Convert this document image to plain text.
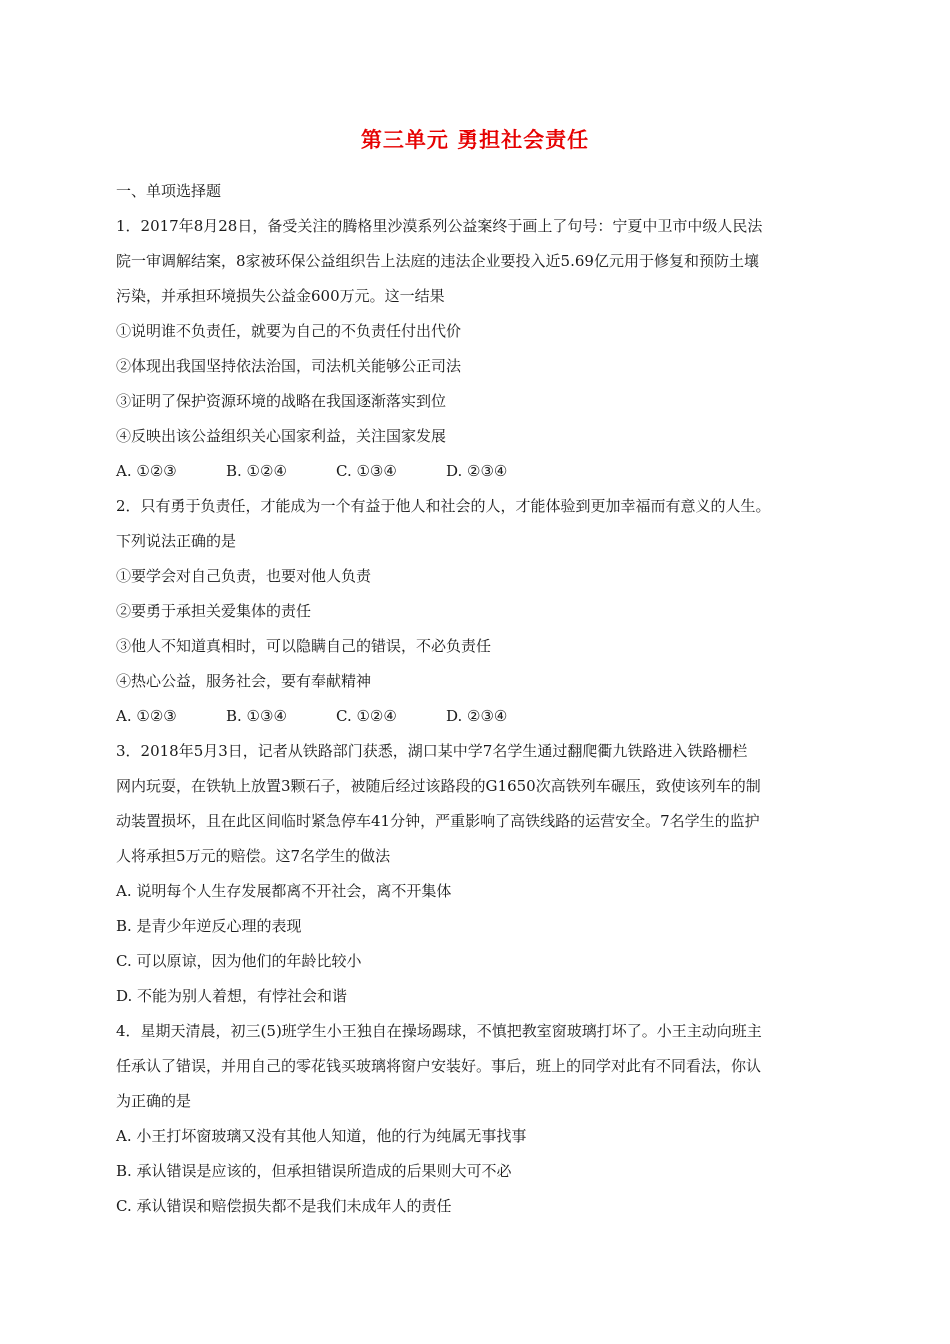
第三单元 勇担社会责任
一、单项选择题
1．2017年8月28日，备受关注的腾格里沙漠系列公益案终于画上了句号：宁夏中卫市中级人民法
院一审调解结案，8家被环保公益组织告上法庭的违法企业要投入近5.69亿元用于修复和预防土壤
污染，并承担环境损失公益金600万元。这一结果
①说明谁不负责任，就要为自己的不负责任付出代价
②体现出我国坚持依法治国，司法机关能够公正司法
③证明了保护资源环境的战略在我国逐渐落实到位
④反映出该公益组织关心国家利益，关注国家发展
A. ①②③	B. ①②④	C. ①③④	D. ②③④
2．只有勇于负责任，才能成为一个有益于他人和社会的人，才能体验到更加幸福而有意义的人生。
下列说法正确的是
①要学会对自己负责，也要对他人负责
②要勇于承担关爱集体的责任
③他人不知道真相时，可以隐瞒自己的错误，不必负责任
④热心公益，服务社会，要有奉献精神
A. ①②③	B. ①③④	C. ①②④	D. ②③④
3．2018年5月3日，记者从铁路部门获悉，湖口某中学7名学生通过翻爬衢九铁路进入铁路栅栏
网内玩耍，在铁轨上放置3颗石子，被随后经过该路段的G1650次高铁列车碾压，致使该列车的制
动装置损坏，且在此区间临时紧急停车41分钟，严重影响了高铁线路的运营安全。7名学生的监护
人将承担5万元的赔偿。这7名学生的做法
A. 说明每个人生存发展都离不开社会，离不开集体
B. 是青少年逆反心理的表现
C. 可以原谅，因为他们的年龄比较小
D. 不能为别人着想，有悖社会和谐
4．星期天清晨，初三(5)班学生小王独自在操场踢球，不慎把教室窗玻璃打坏了。小王主动向班主
任承认了错误，并用自己的零花钱买玻璃将窗户安装好。事后，班上的同学对此有不同看法，你认
为正确的是
A. 小王打坏窗玻璃又没有其他人知道，他的行为纯属无事找事
B. 承认错误是应该的，但承担错误所造成的后果则大可不必
C. 承认错误和赔偿损失都不是我们未成年人的责任
